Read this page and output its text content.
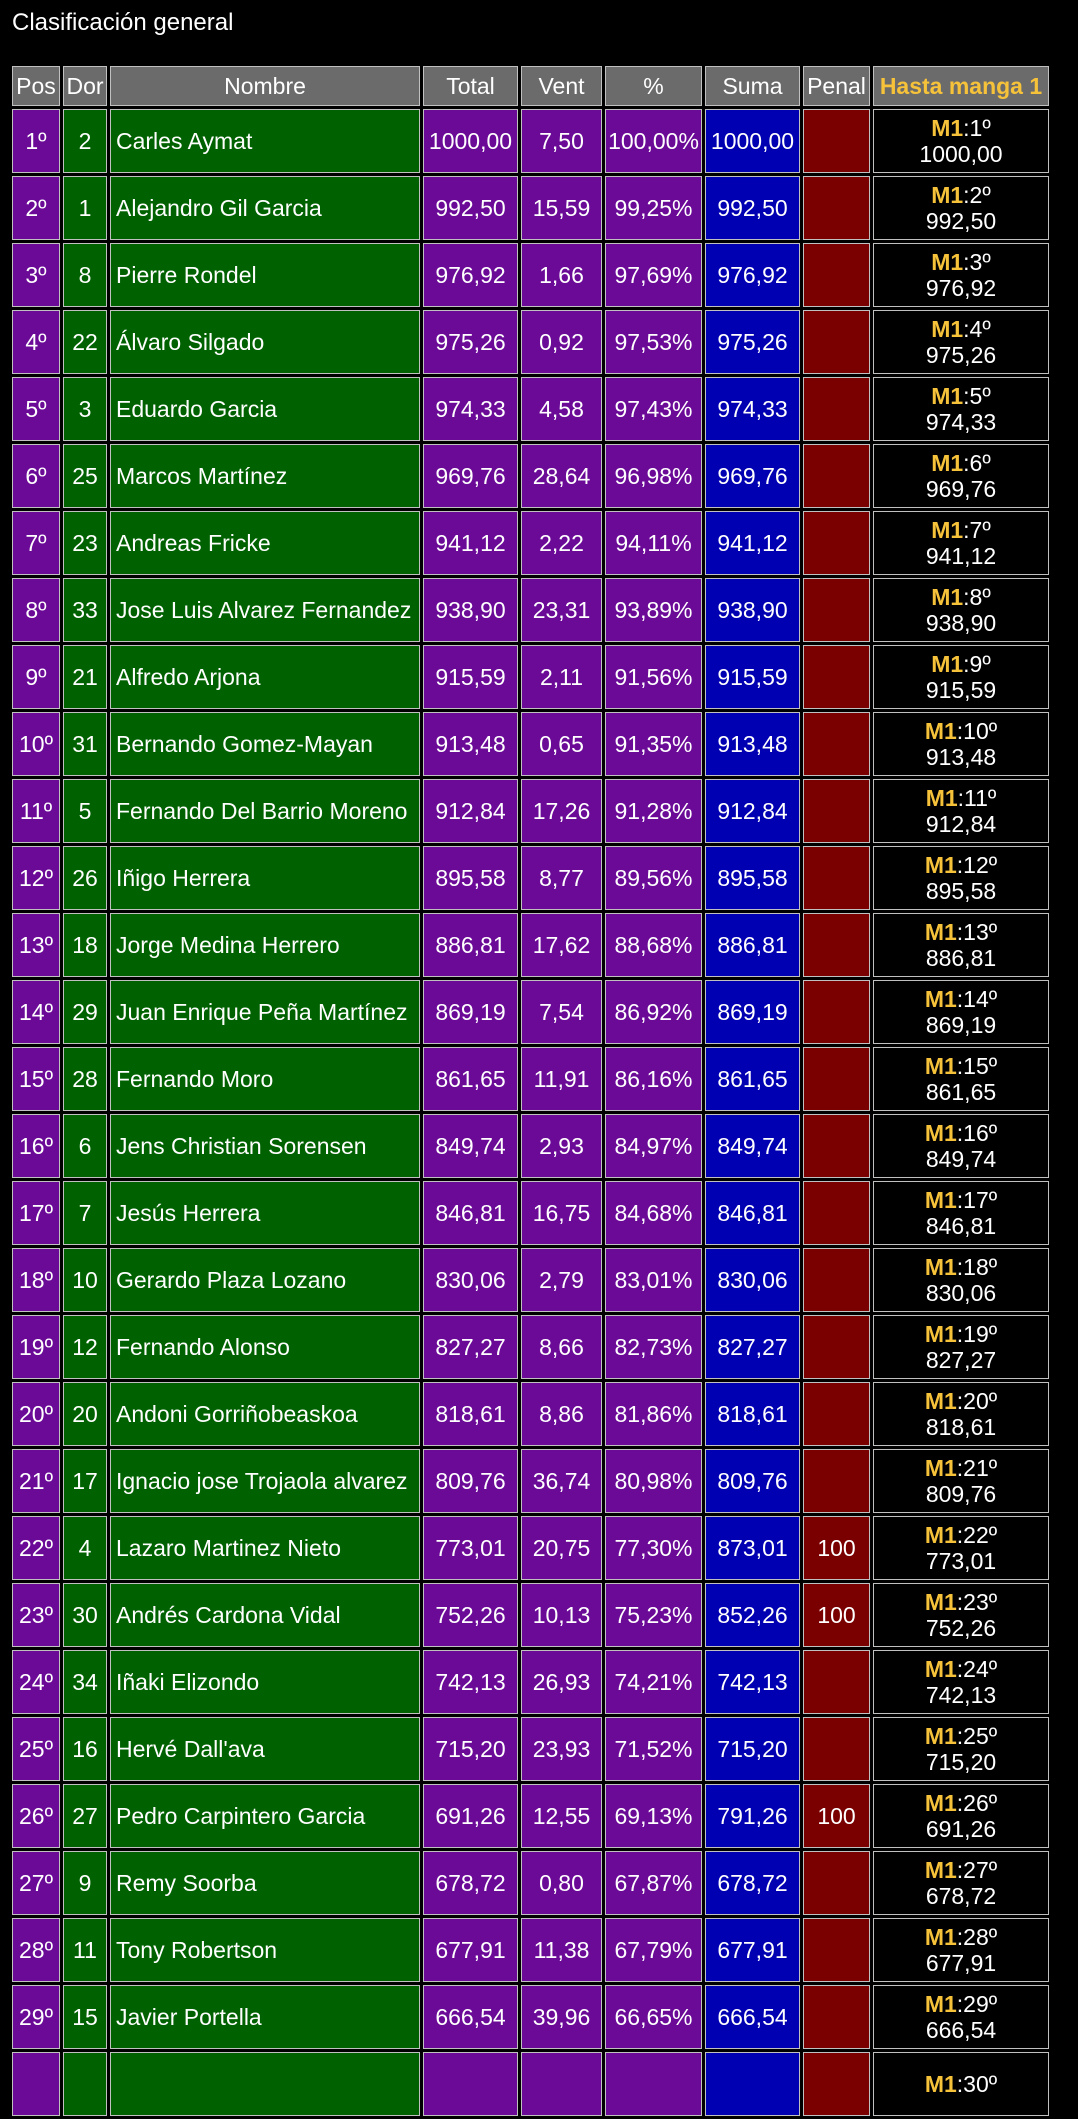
Clasificación general
Pos	Dor	Nombre	Total	Vent	%	Suma	Penal	Hasta manga 1
1º	2	Carles Aymat	1000,00	7,50	100,00%	1000,00		M1:1º
1000,00
2º	1	Alejandro Gil Garcia	992,50	15,59	99,25%	992,50		M1:2º
992,50
3º	8	Pierre Rondel	976,92	1,66	97,69%	976,92		M1:3º
976,92
4º	22	Álvaro Silgado	975,26	0,92	97,53%	975,26		M1:4º
975,26
5º	3	Eduardo Garcia	974,33	4,58	97,43%	974,33		M1:5º
974,33
6º	25	Marcos Martínez	969,76	28,64	96,98%	969,76		M1:6º
969,76
7º	23	Andreas Fricke	941,12	2,22	94,11%	941,12		M1:7º
941,12
8º	33	Jose Luis Alvarez Fernandez	938,90	23,31	93,89%	938,90		M1:8º
938,90
9º	21	Alfredo Arjona	915,59	2,11	91,56%	915,59		M1:9º
915,59
10º	31	Bernando Gomez-Mayan	913,48	0,65	91,35%	913,48		M1:10º
913,48
11º	5	Fernando Del Barrio Moreno	912,84	17,26	91,28%	912,84		M1:11º
912,84
12º	26	Iñigo Herrera	895,58	8,77	89,56%	895,58		M1:12º
895,58
13º	18	Jorge Medina Herrero	886,81	17,62	88,68%	886,81		M1:13º
886,81
14º	29	Juan Enrique Peña Martínez	869,19	7,54	86,92%	869,19		M1:14º
869,19
15º	28	Fernando Moro	861,65	11,91	86,16%	861,65		M1:15º
861,65
16º	6	Jens Christian Sorensen	849,74	2,93	84,97%	849,74		M1:16º
849,74
17º	7	Jesús Herrera	846,81	16,75	84,68%	846,81		M1:17º
846,81
18º	10	Gerardo Plaza Lozano	830,06	2,79	83,01%	830,06		M1:18º
830,06
19º	12	Fernando Alonso	827,27	8,66	82,73%	827,27		M1:19º
827,27
20º	20	Andoni Gorriñobeaskoa	818,61	8,86	81,86%	818,61		M1:20º
818,61
21º	17	Ignacio jose Trojaola alvarez	809,76	36,74	80,98%	809,76		M1:21º
809,76
22º	4	Lazaro Martinez Nieto	773,01	20,75	77,30%	873,01	100	M1:22º
773,01
23º	30	Andrés Cardona Vidal	752,26	10,13	75,23%	852,26	100	M1:23º
752,26
24º	34	Iñaki Elizondo	742,13	26,93	74,21%	742,13		M1:24º
742,13
25º	16	Hervé Dall'ava	715,20	23,93	71,52%	715,20		M1:25º
715,20
26º	27	Pedro Carpintero Garcia	691,26	12,55	69,13%	791,26	100	M1:26º
691,26
27º	9	Remy Soorba	678,72	0,80	67,87%	678,72		M1:27º
678,72
28º	11	Tony Robertson	677,91	11,38	67,79%	677,91		M1:28º
677,91
29º	15	Javier Portella	666,54	39,96	66,65%	666,54		M1:29º
666,54
								M1:30º
